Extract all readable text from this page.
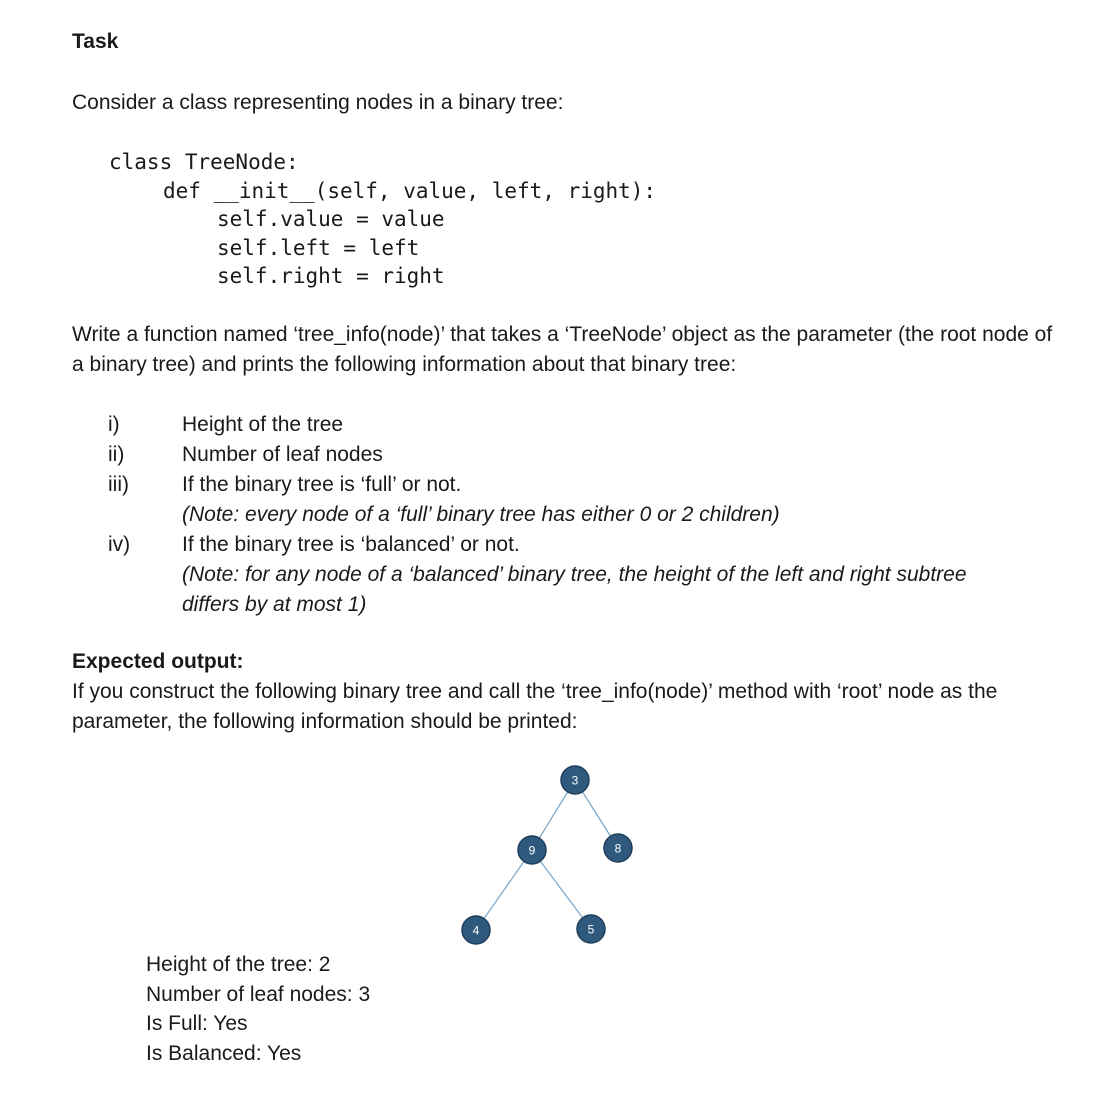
Task
Consider a class representing nodes in a binary tree:
class TreeNode:
def __init__(self, value, left, right):
self.value = value
self.left = left
self.right = right
Write a function named ‘tree_info(node)’ that takes a ‘TreeNode’ object as the parameter (the root node of a binary tree) and prints the following information about that binary tree:
i)	Height of the tree
ii)	Number of leaf nodes
iii)	If the binary tree is ‘full’ or not.
(Note: every node of a ‘full’ binary tree has either 0 or 2 children)
iv)	If the binary tree is ‘balanced’ or not.
(Note: for any node of a ‘balanced’ binary tree, the height of the left and right subtree differs by at most 1)
Expected output:
If you construct the following binary tree and call the ‘tree_info(node)’ method with ‘root’ node as the parameter, the following information should be printed:
3
9	8
4	5
Height of the tree: 2
Number of leaf nodes: 3
Is Full: Yes
Is Balanced: Yes
